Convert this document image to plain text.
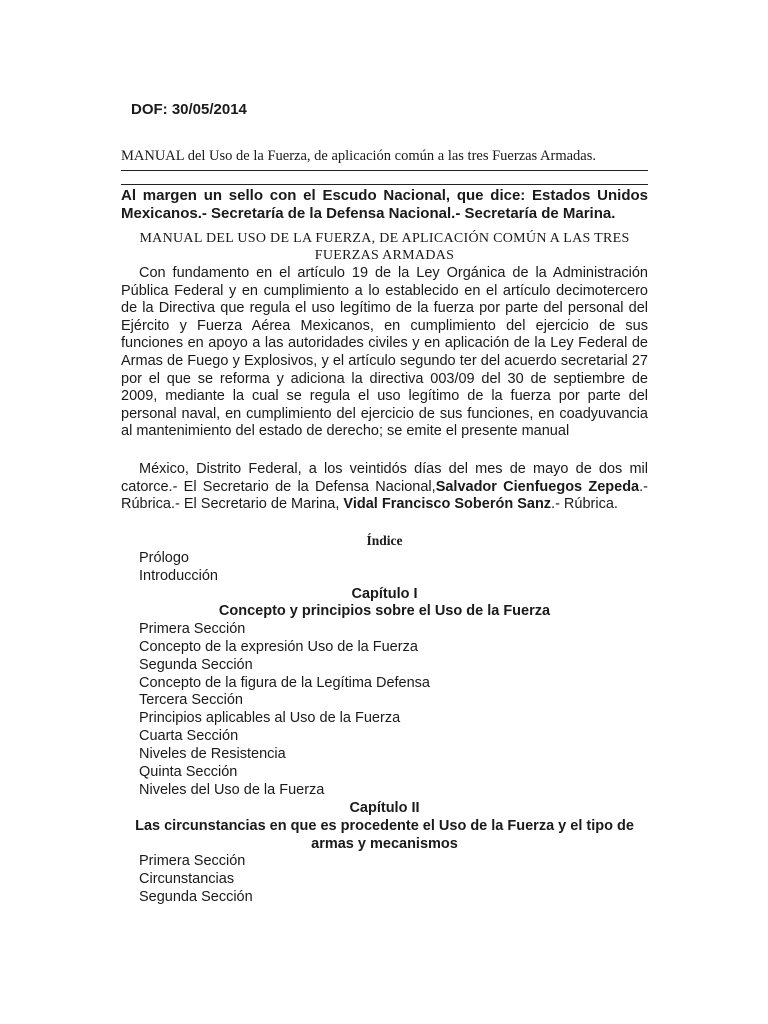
DOF: 30/05/2014
MANUAL del Uso de la Fuerza, de aplicación común a las tres Fuerzas Armadas.
Al margen un sello con el Escudo Nacional, que dice: Estados Unidos Mexicanos.- Secretaría de la Defensa Nacional.- Secretaría de Marina.
MANUAL DEL USO DE LA FUERZA, DE APLICACIÓN COMÚN A LAS TRES FUERZAS ARMADAS

Con fundamento en el artículo 19 de la Ley Orgánica de la Administración Pública Federal y en cumplimiento a lo establecido en el artículo decimotercero de la Directiva que regula el uso legítimo de la fuerza por parte del personal del Ejército y Fuerza Aérea Mexicanos, en cumplimiento del ejercicio de sus funciones en apoyo a las autoridades civiles y en aplicación de la Ley Federal de Armas de Fuego y Explosivos, y el artículo segundo ter del acuerdo secretarial 27 por el que se reforma y adiciona la directiva 003/09 del 30 de septiembre de 2009, mediante la cual se regula el uso legítimo de la fuerza por parte del personal naval, en cumplimiento del ejercicio de sus funciones, en coadyuvancia al mantenimiento del estado de derecho; se emite el presente manual

México, Distrito Federal, a los veintidós días del mes de mayo de dos mil catorce.- El Secretario de la Defensa Nacional,Salvador Cienfuegos Zepeda.- Rúbrica.- El Secretario de Marina, Vidal Francisco Soberón Sanz.- Rúbrica.

Índice
Prólogo
Introducción
Capítulo I
Concepto y principios sobre el Uso de la Fuerza
Primera Sección
Concepto de la expresión Uso de la Fuerza
Segunda Sección
Concepto de la figura de la Legítima Defensa
Tercera Sección
Principios aplicables al Uso de la Fuerza
Cuarta Sección
Niveles de Resistencia
Quinta Sección
Niveles del Uso de la Fuerza
Capítulo II
Las circunstancias en que es procedente el Uso de la Fuerza y el tipo de armas y mecanismos
Primera Sección
Circunstancias
Segunda Sección
